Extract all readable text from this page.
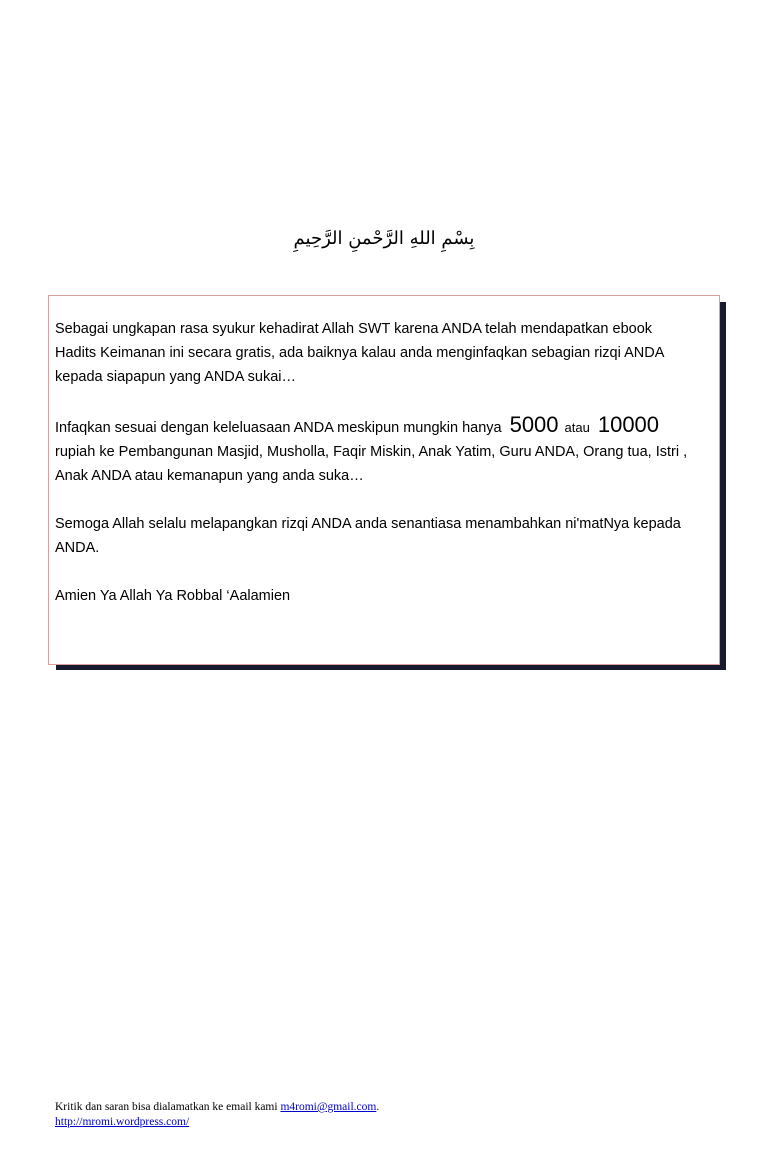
بِسْمِ اللهِ الرَّحْمنِ الرَّحِيمِ

Sebagai ungkapan rasa syukur kehadirat Allah SWT karena ANDA telah mendapatkan ebook
Hadits Keimanan ini secara gratis, ada baiknya kalau anda menginfaqkan sebagian rizqi ANDA
kepada siapapun yang ANDA sukai…

Infaqkan sesuai dengan keleluasaan ANDA meskipun mungkin hanya 5000 atau 10000
rupiah ke Pembangunan Masjid, Musholla, Faqir Miskin, Anak Yatim, Guru ANDA, Orang tua, Istri ,
Anak ANDA atau kemanapun yang anda suka…

Semoga Allah selalu melapangkan rizqi ANDA anda senantiasa menambahkan ni'matNya kepada
ANDA.

Amien Ya Allah Ya Robbal ‘Aalamien

Kritik dan saran bisa dialamatkan ke email kami m4romi@gmail.com.
http://mromi.wordpress.com/
